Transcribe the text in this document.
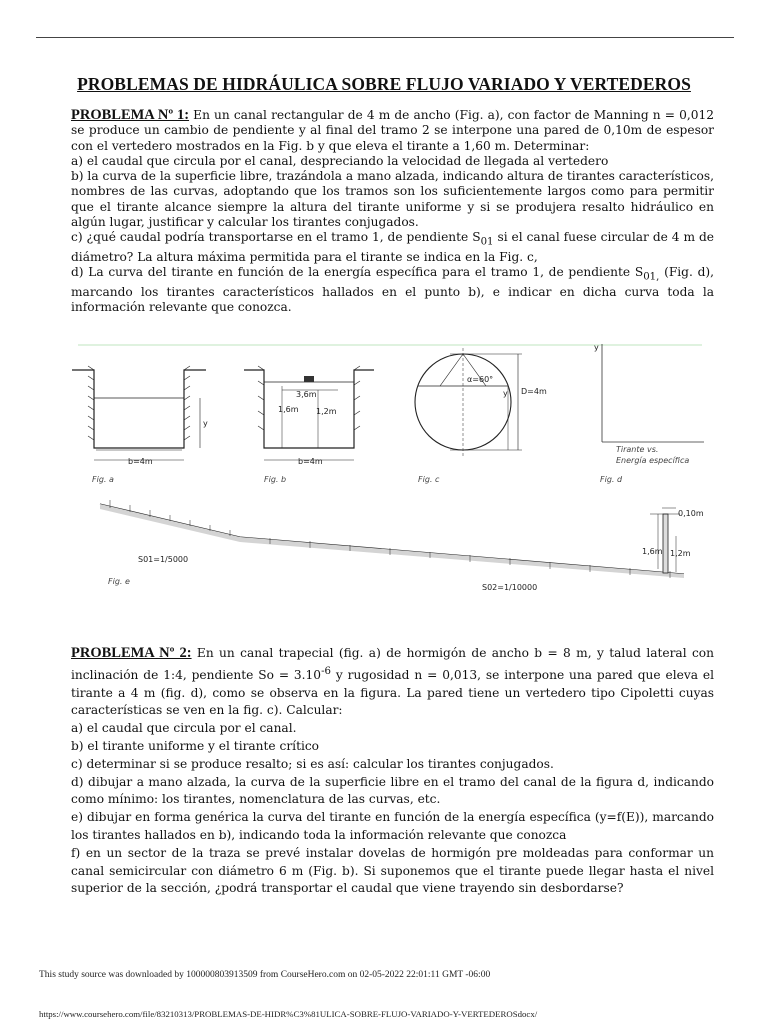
PROBLEMAS DE HIDRÁULICA SOBRE FLUJO VARIADO Y VERTEDEROS

PROBLEMA Nº 1: En un canal rectangular de 4 m de ancho (Fig. a), con factor de Manning n = 0,012 se produce un cambio de pendiente y al final del tramo 2 se interpone una pared de 0,10m de espesor con el vertedero mostrados en la Fig. b y que eleva el tirante a 1,60 m. Determinar:

a) el caudal que circula por el canal, despreciando la velocidad de llegada al vertedero

b) la curva de la superficie libre, trazándola a mano alzada, indicando altura de tirantes característicos, nombres de las curvas, adoptando que los tramos son los suficientemente largos como para permitir que el tirante alcance siempre la altura del tirante uniforme y si se produjera resalto hidráulico en algún lugar, justificar y calcular los tirantes conjugados.

c) ¿qué caudal podría transportarse en el tramo 1, de pendiente $S_{01}$ si el canal fuese circular de 4 m de diámetro? La altura máxima permitida para el tirante se indica en la Fig. c,

d) La curva del tirante en función de la energía específica para el tramo 1, de pendiente $S_{01,}$ (Fig. d), marcando los tirantes característicos hallados en el punto b), e indicar en dicha curva toda la información relevante que conozca.

y
b=4m
Fig. a
3,6m
1,6m 1,2m
b=4m
Fig. b
α=60°
y D=4m
Fig. c
y
Tirante vs.
Energía específica
Fig. d
0,10m
1,6m 1,2m
S01=1/5000
S02=1/10000
Fig. e

PROBLEMA Nº 2: En un canal trapecial (fig. a) de hormigón de ancho b = 8 m, y talud lateral con inclinación de 1:4, pendiente $So = 3.10^{-6}$ y rugosidad n = 0,013, se interpone una pared que eleva el tirante a 4 m (fig. d), como se observa en la figura. La pared tiene un vertedero tipo Cipoletti cuyas características se ven en la fig. c). Calcular:

a) el caudal que circula por el canal.

b) el tirante uniforme y el tirante crítico

c) determinar si se produce resalto; si es así: calcular los tirantes conjugados.

d) dibujar a mano alzada, la curva de la superficie libre en el tramo del canal de la figura d, indicando como mínimo: los tirantes, nomenclatura de las curvas, etc.

e) dibujar en forma genérica la curva del tirante en función de la energía específica (y=f(E)), marcando los tirantes hallados en b), indicando toda la información relevante que conozca

f) en un sector de la traza se prevé instalar dovelas de hormigón pre moldeadas para conformar un canal semicircular con diámetro 6 m (Fig. b). Si suponemos que el tirante puede llegar hasta el nivel superior de la sección, ¿podrá transportar el caudal que viene trayendo sin desbordarse?

This study source was downloaded by 100000803913509 from CourseHero.com on 02-05-2022 22:01:11 GMT -06:00
https://www.coursehero.com/file/83210313/PROBLEMAS-DE-HIDR%C3%81ULICA-SOBRE-FLUJO-VARIADO-Y-VERTEDEROSdocx/
